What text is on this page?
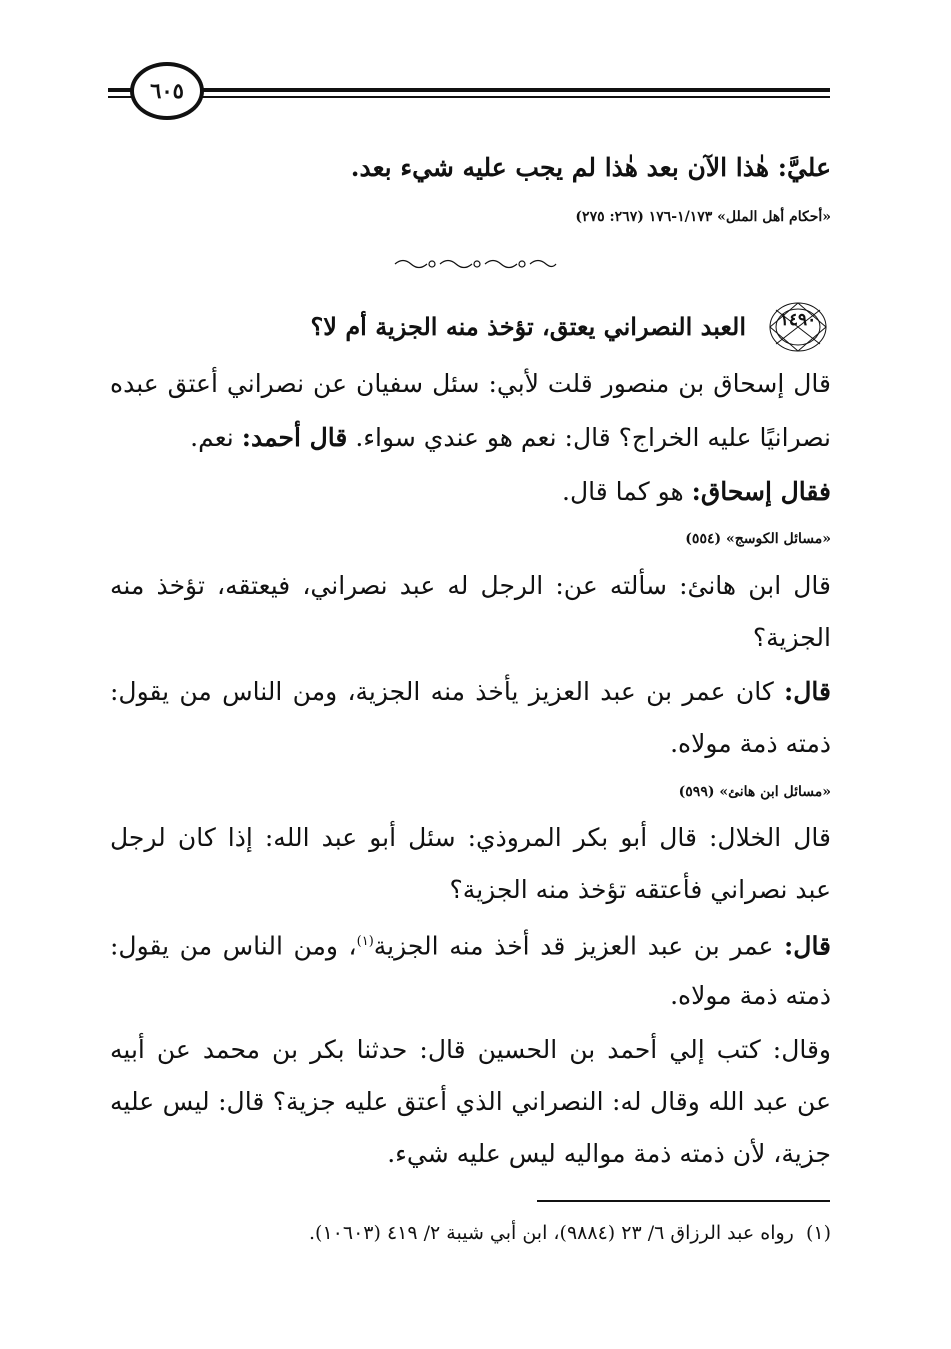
٦٠٥
عليَّ: هٰذا الآن بعد هٰذا لم يجب عليه شيء بعد.
«أحكام أهل الملل» ١/١٧٣-١٧٦ (٢٦٧: ٢٧٥)
١٤٩٠
العبد النصراني يعتق، تؤخذ منه الجزية أم لا؟
قال إسحاق بن منصور قلت لأبي: سئل سفيان عن نصراني أعتق عبده
نصرانيًا عليه الخراج؟ قال: نعم هو عندي سواء. قال أحمد: نعم.
فقال إسحاق: هو كما قال.
«مسائل الكوسج» (٥٥٤)
قال ابن هانئ: سألته عن: الرجل له عبد نصراني، فيعتقه، تؤخذ منه
الجزية؟
قال: كان عمر بن عبد العزيز يأخذ منه الجزية، ومن الناس من يقول:
ذمته ذمة مولاه.
«مسائل ابن هانئ» (٥٩٩)
قال الخلال: قال أبو بكر المروذي: سئل أبو عبد الله: إذا كان لرجل
عبد نصراني فأعتقه تؤخذ منه الجزية؟
قال: عمر بن عبد العزيز قد أخذ منه الجزية$^{(١)}$، ومن الناس من يقول:
ذمته ذمة مولاه.
وقال: كتب إلي أحمد بن الحسين قال: حدثنا بكر بن محمد عن أبيه
عن عبد الله وقال له: النصراني الذي أعتق عليه جزية؟ قال: ليس عليه
جزية، لأن ذمته ذمة مواليه ليس عليه شيء.
(١)  رواه عبد الرزاق ٦/ ٢٣ (٩٨٨٤)، ابن أبي شيبة ٢/ ٤١٩ (١٠٦٠٣).
